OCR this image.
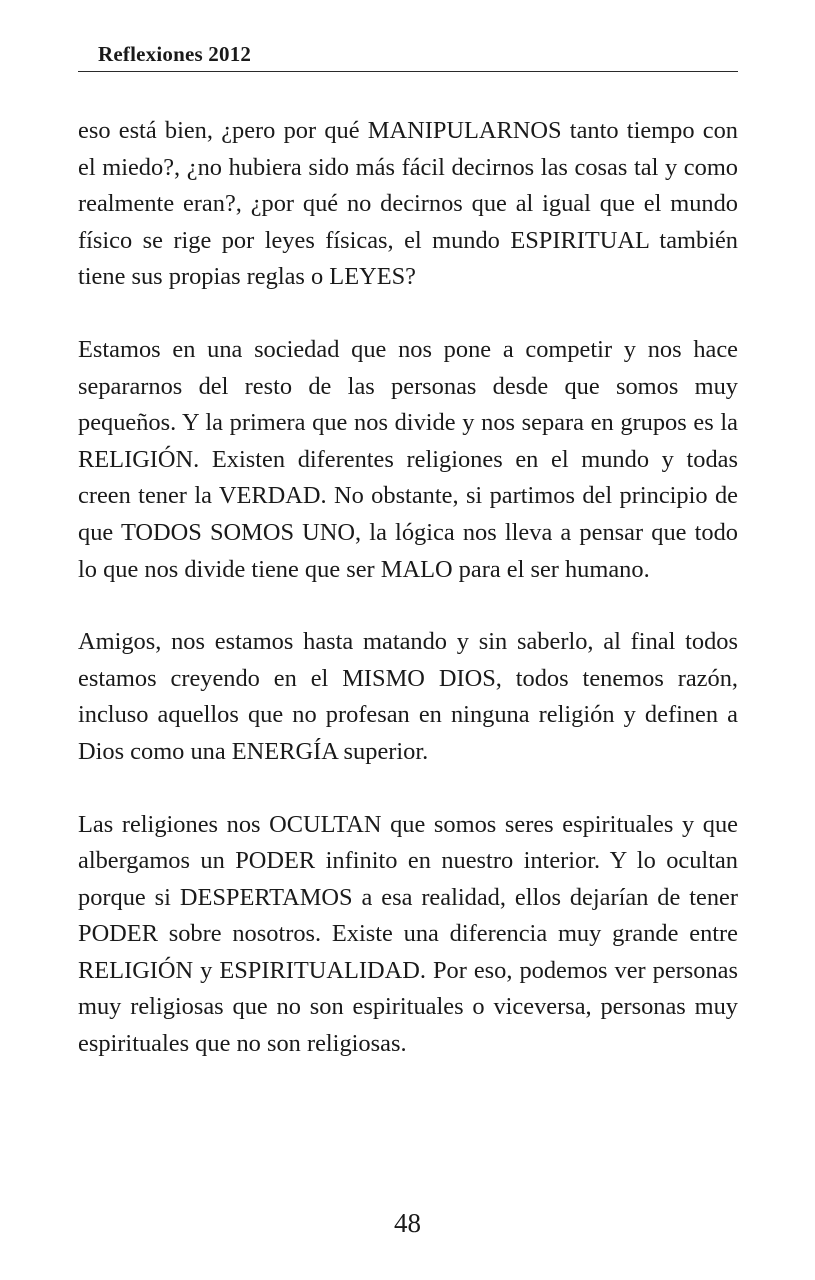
Reflexiones 2012

eso está bien, ¿pero por qué MANIPULARNOS tanto tiempo con el miedo?, ¿no hubiera sido más fácil decirnos las cosas tal y como realmente eran?, ¿por qué no decirnos que al igual que el mundo físico se rige por leyes físicas, el mundo ESPIRITUAL también tiene sus propias reglas o LEYES?

Estamos en una sociedad que nos pone a competir y nos hace separarnos del resto de las personas desde que somos muy pequeños. Y la primera que nos divide y nos separa en grupos es la RELIGIÓN. Existen diferentes religiones en el mundo y todas creen tener la VERDAD. No obstante, si partimos del principio de que TODOS SOMOS UNO, la lógica nos lleva a pensar que todo lo que nos divide tiene que ser MALO para el ser humano.

Amigos, nos estamos hasta matando y sin saberlo, al final todos estamos creyendo en el MISMO DIOS, todos tenemos razón, incluso aquellos que no profesan en ninguna religión y definen a Dios como una ENERGÍA superior.

Las religiones nos OCULTAN que somos seres espirituales y que albergamos un PODER infinito en nuestro interior. Y lo ocultan porque si DESPERTAMOS a esa realidad, ellos dejarían de tener PODER sobre nosotros. Existe una diferencia muy grande entre RELIGIÓN y ESPIRITUALIDAD. Por eso, podemos ver personas muy religiosas que no son espirituales o viceversa, personas muy espirituales que no son religiosas.

48
